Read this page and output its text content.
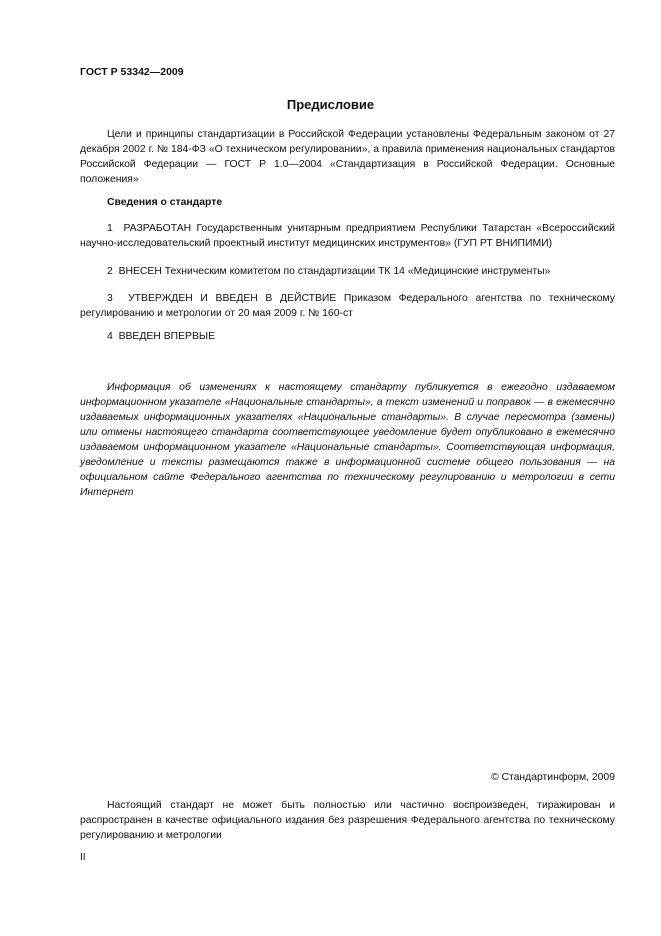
ГОСТ Р 53342—2009
Предисловие
Цели и принципы стандартизации в Российской Федерации установлены Федеральным законом от 27 декабря 2002 г. № 184-ФЗ «О техническом регулировании», а правила применения национальных стандартов Российской Федерации — ГОСТ Р 1.0—2004 «Стандартизация в Российской Федерации. Основные положения»
Сведения о стандарте
1 РАЗРАБОТАН Государственным унитарным предприятием Республики Татарстан «Всероссийский научно-исследовательский проектный институт медицинских инструментов» (ГУП РТ ВНИПИМИ)
2 ВНЕСЕН Техническим комитетом по стандартизации ТК 14 «Медицинские инструменты»
3 УТВЕРЖДЕН И ВВЕДЕН В ДЕЙСТВИЕ Приказом Федерального агентства по техническому регулированию и метрологии от 20 мая 2009 г. № 160-ст
4 ВВЕДЕН ВПЕРВЫЕ
Информация об изменениях к настоящему стандарту публикуется в ежегодно издаваемом информационном указателе «Национальные стандарты», а текст изменений и поправок — в ежемесячно издаваемых информационных указателях «Национальные стандарты». В случае пересмотра (замены) или отмены настоящего стандарта соответствующее уведомление будет опубликовано в ежемесячно издаваемом информационном указателе «Национальные стандарты». Соответствующая информация, уведомление и тексты размещаются также в информационной системе общего пользования — на официальном сайте Федерального агентства по техническому регулированию и метрологии в сети Интернет
© Стандартинформ, 2009
Настоящий стандарт не может быть полностью или частично воспроизведен, тиражирован и распространен в качестве официального издания без разрешения Федерального агентства по техническому регулированию и метрологии
II
